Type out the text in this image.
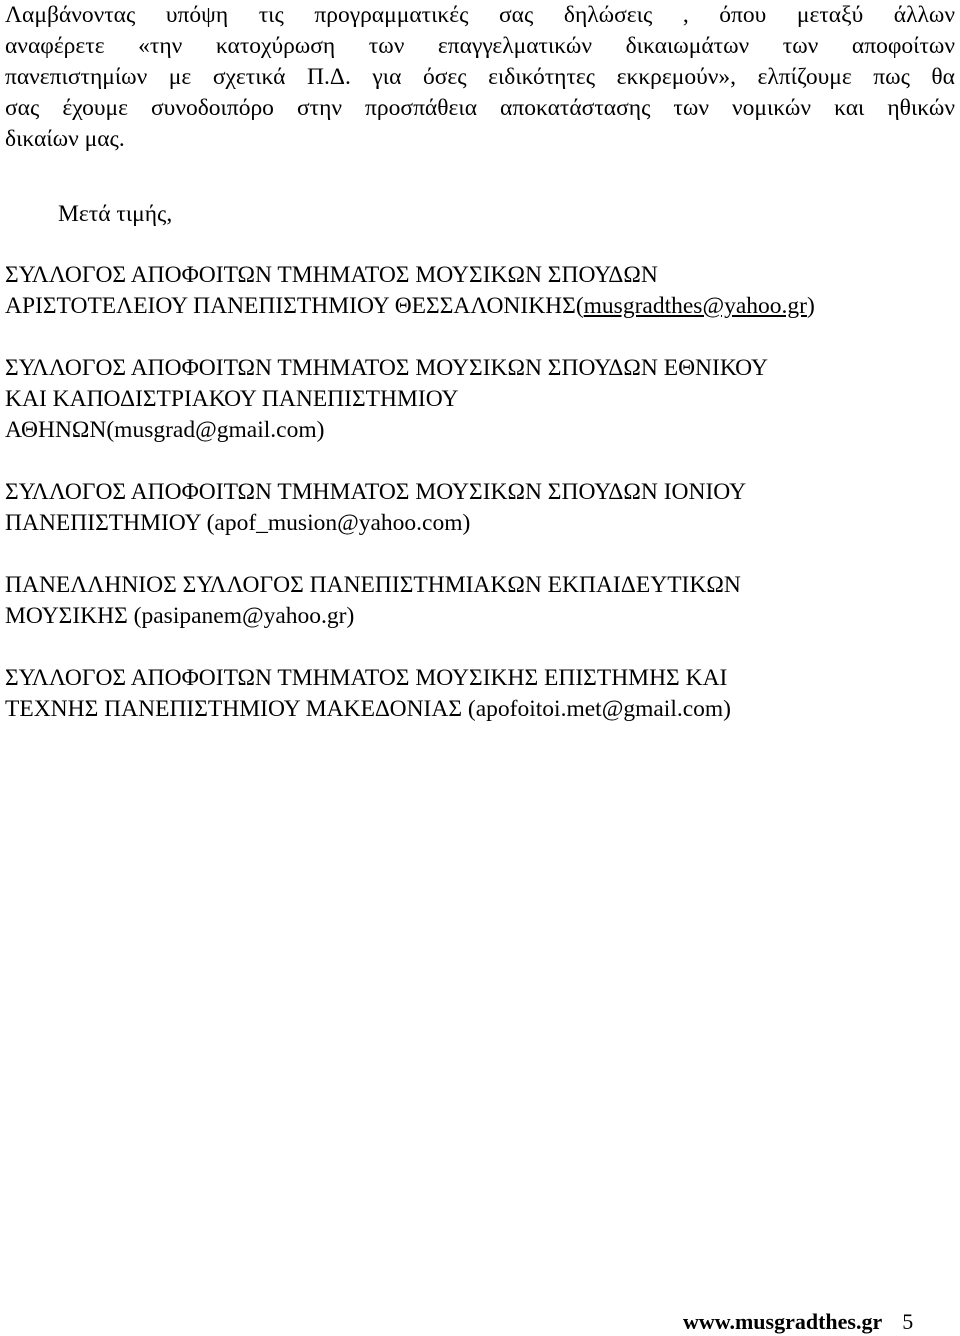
Λαμβάνοντας υπόψη τις προγραμματικές σας δηλώσεις , όπου μεταξύ άλλων
αναφέρετε «την κατοχύρωση των επαγγελματικών δικαιωμάτων των αποφοίτων
πανεπιστημίων με σχετικά Π.Δ. για όσες ειδικότητες εκκρεμούν», ελπίζουμε πως θα
σας έχουμε συνοδοιπόρο στην προσπάθεια αποκατάστασης των νομικών και ηθικών
δικαίων μας.

Μετά τιμής,

ΣΥΛΛΟΓΟΣ ΑΠΟΦΟΙΤΩΝ ΤΜΗΜΑΤΟΣ ΜΟΥΣΙΚΩΝ ΣΠΟΥΔΩΝ
ΑΡΙΣΤΟΤΕΛΕΙΟΥ ΠΑΝΕΠΙΣΤΗΜΙΟΥ ΘΕΣΣΑΛΟΝΙΚΗΣ(musgradthes@yahoo.gr)

ΣΥΛΛΟΓΟΣ ΑΠΟΦΟΙΤΩΝ ΤΜΗΜΑΤΟΣ ΜΟΥΣΙΚΩΝ ΣΠΟΥΔΩΝ ΕΘΝΙΚΟΥ
ΚΑΙ ΚΑΠΟΔΙΣΤΡΙΑΚΟΥ ΠΑΝΕΠΙΣΤΗΜΙΟΥ
ΑΘΗΝΩΝ(musgrad@gmail.com)

ΣΥΛΛΟΓΟΣ ΑΠΟΦΟΙΤΩΝ ΤΜΗΜΑΤΟΣ ΜΟΥΣΙΚΩΝ ΣΠΟΥΔΩΝ ΙΟΝΙΟΥ
ΠΑΝΕΠΙΣΤΗΜΙΟΥ (apof_musion@yahoo.com)

ΠΑΝΕΛΛΗΝΙΟΣ ΣΥΛΛΟΓΟΣ ΠΑΝΕΠΙΣΤΗΜΙΑΚΩΝ ΕΚΠΑΙΔΕΥΤΙΚΩΝ
ΜΟΥΣΙΚΗΣ (pasipanem@yahoo.gr)

ΣΥΛΛΟΓΟΣ ΑΠΟΦΟΙΤΩΝ ΤΜΗΜΑΤΟΣ ΜΟΥΣΙΚΗΣ ΕΠΙΣΤΗΜΗΣ ΚΑΙ
ΤΕΧΝΗΣ ΠΑΝΕΠΙΣΤΗΜΙΟΥ ΜΑΚΕΔΟΝΙΑΣ (apofoitoi.met@gmail.com)

www.musgradthes.gr 5
